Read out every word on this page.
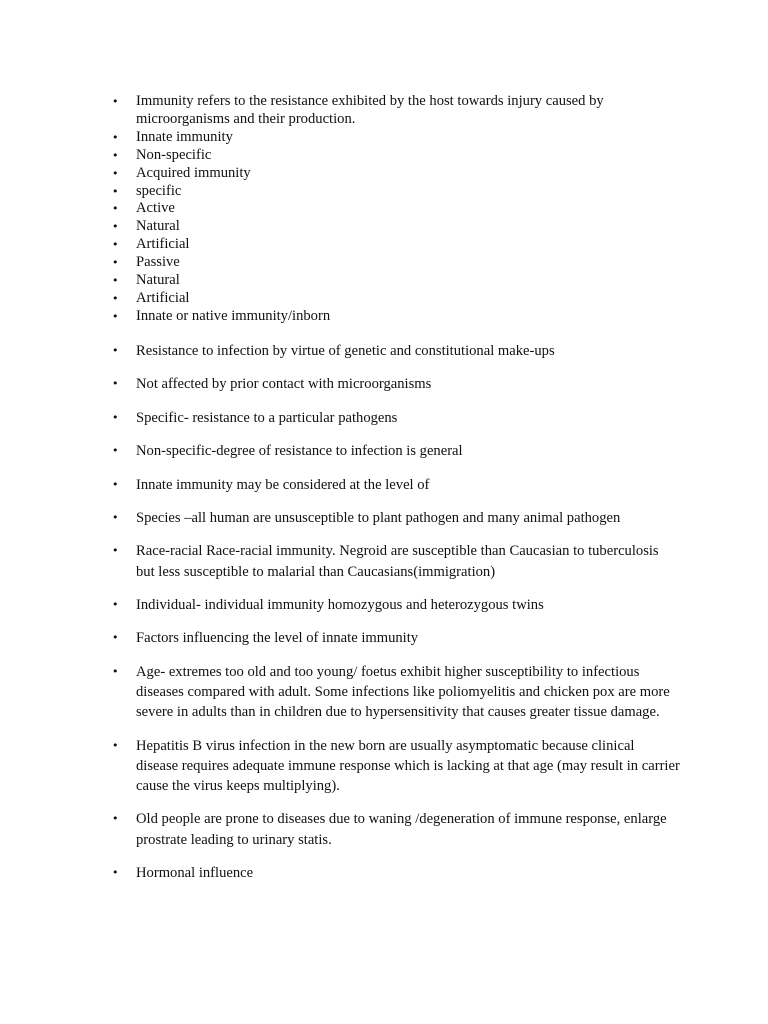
• Immunity refers to the resistance exhibited by the host towards injury caused by microorganisms and their production.
• Innate immunity
• Non-specific
• Acquired immunity
• specific
• Active
• Natural
• Artificial
• Passive
• Natural
• Artificial
• Innate or native immunity/inborn
• Resistance to infection by virtue of genetic and constitutional make-ups
• Not affected by prior contact with microorganisms
• Specific- resistance to a particular pathogens
• Non-specific-degree of resistance to infection is general
• Innate immunity may be considered at the level of
• Species –all human are unsusceptible to plant pathogen and many animal pathogen
• Race-racial Race-racial immunity. Negroid are susceptible than Caucasian to tuberculosis but less susceptible to malarial than Caucasians(immigration)
• Individual- individual immunity homozygous and heterozygous twins
• Factors influencing the level of innate immunity
• Age- extremes too old and too young/ foetus exhibit higher susceptibility to infectious diseases compared with adult. Some infections like poliomyelitis and chicken pox are more severe in adults than in children due to hypersensitivity that causes greater tissue damage.
• Hepatitis B virus infection in the new born are usually asymptomatic because clinical disease requires adequate immune response which is lacking at that age (may result in carrier cause the virus keeps multiplying).
• Old people are prone to diseases due to waning /degeneration of immune response, enlarge prostrate leading to urinary statis.
• Hormonal influence
